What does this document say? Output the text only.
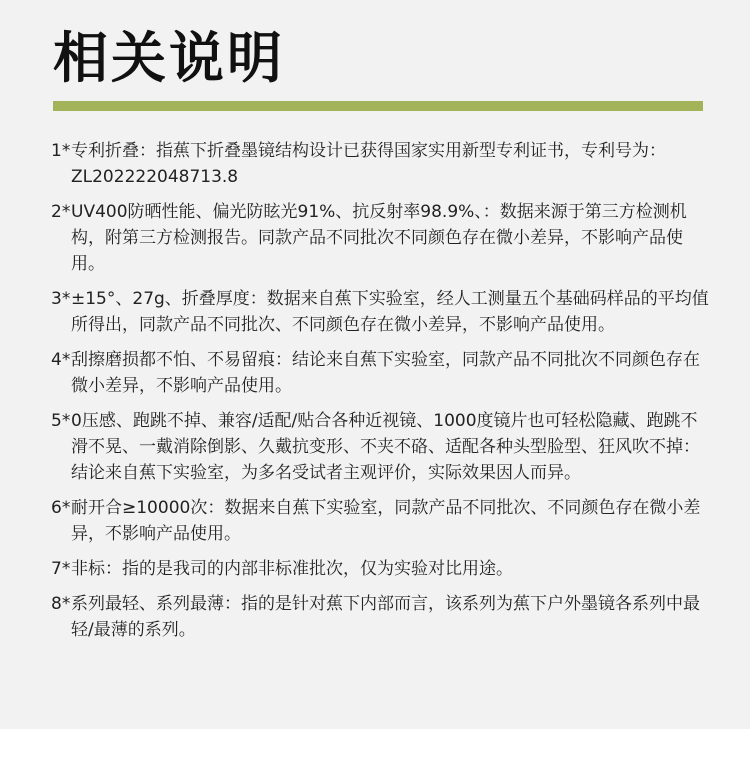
相关说明
1* 专利折叠：指蕉下折叠墨镜结构设计已获得国家实用新型专利证书，专利号为：ZL202222048713.8
2* UV400防晒性能、偏光防眩光91%、抗反射率98.9%、：数据来源于第三方检测机构，附第三方检测报告。同款产品不同批次不同颜色存在微小差异，不影响产品使用。
3* ±15°、27g、折叠厚度：数据来自蕉下实验室，经人工测量五个基础码样品的平均值所得出，同款产品不同批次、不同颜色存在微小差异，不影响产品使用。
4* 刮擦磨损都不怕、不易留痕：结论来自蕉下实验室，同款产品不同批次不同颜色存在微小差异，不影响产品使用。
5* 0压感、跑跳不掉、兼容/适配/贴合各种近视镜、1000度镜片也可轻松隐藏、跑跳不滑不晃、一戴消除倒影、久戴抗变形、不夹不硌、适配各种头型脸型、狂风吹不掉：结论来自蕉下实验室，为多名受试者主观评价，实际效果因人而异。
6* 耐开合≥10000次：数据来自蕉下实验室，同款产品不同批次、不同颜色存在微小差异，不影响产品使用。
7* 非标：指的是我司的内部非标准批次，仅为实验对比用途。
8* 系列最轻、系列最薄：指的是针对蕉下内部而言，该系列为蕉下户外墨镜各系列中最轻/最薄的系列。
